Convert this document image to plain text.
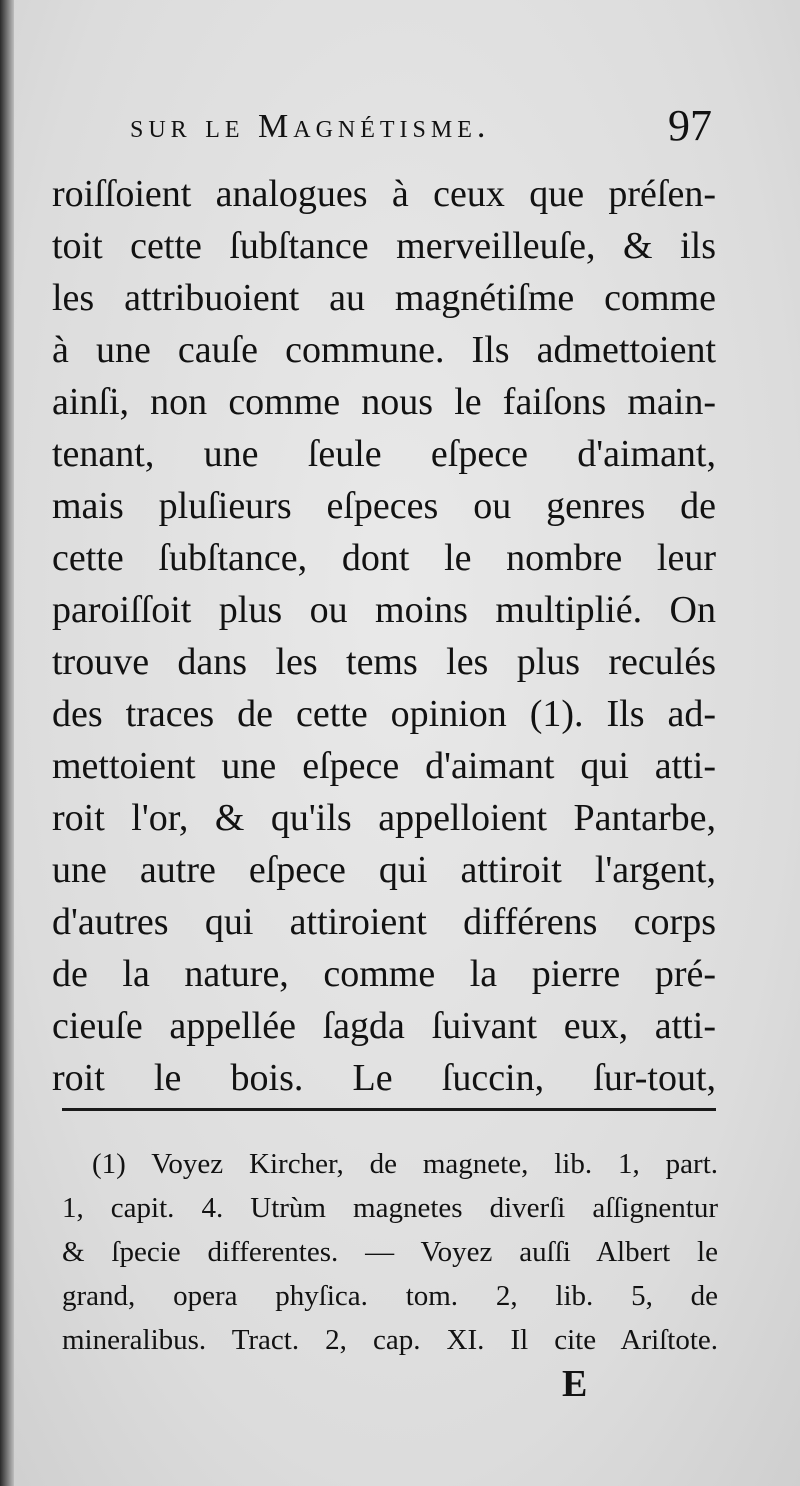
sur le Magnétisme.	97
roiſſoient analogues à ceux que préſen-
toit cette ſubſtance merveilleuſe, & ils
les attribuoient au magnétiſme comme
à une cauſe commune. Ils admettoient
ainſi, non comme nous le faiſons main-
tenant, une ſeule eſpece d'aimant,
mais pluſieurs eſpeces ou genres de
cette ſubſtance, dont le nombre leur
paroiſſoit plus ou moins multiplié. On
trouve dans les tems les plus reculés
des traces de cette opinion (1). Ils ad-
mettoient une eſpece d'aimant qui atti-
roit l'or, & qu'ils appelloient Pantarbe,
une autre eſpece qui attiroit l'argent,
d'autres qui attiroient différens corps
de la nature, comme la pierre pré-
cieuſe appellée ſagda ſuivant eux, atti-
roit le bois. Le ſuccin, ſur-tout,
(1) Voyez Kircher, de magnete, lib. 1, part.
1, capit. 4. Utrùm magnetes diverſi aſſignentur
& ſpecie differentes. — Voyez auſſi Albert le
grand, opera phyſica. tom. 2, lib. 5, de
mineralibus. Tract. 2, cap. XI. Il cite Ariſtote.
E
